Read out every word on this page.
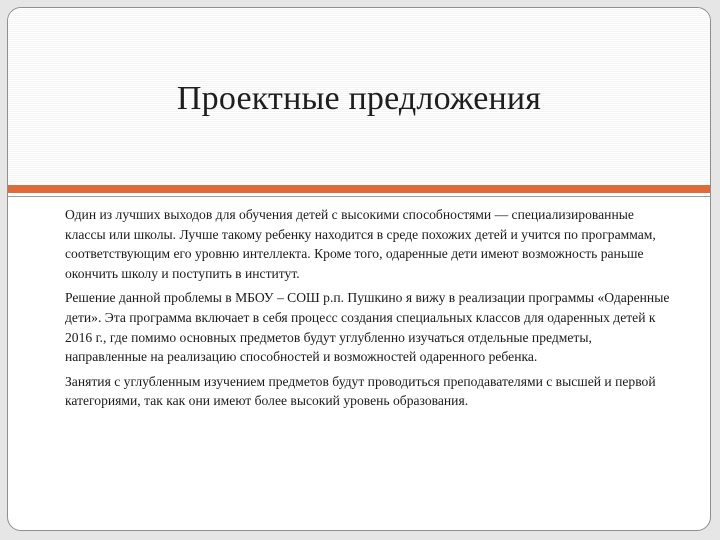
Проектные предложения

Один из лучших выходов для обучения детей с высокими способностями — специализированные классы или школы. Лучше такому ребенку находится в среде похожих детей и учится по программам, соответствующим его уровню интеллекта. Кроме того, одаренные дети имеют возможность раньше окончить школу и поступить в институт.

Решение данной проблемы в МБОУ – СОШ р.п. Пушкино я вижу в реализации программы «Одаренные дети». Эта программа включает в себя процесс создания специальных классов для одаренных детей к 2016 г., где помимо основных предметов будут углубленно изучаться отдельные предметы, направленные на реализацию способностей и возможностей одаренного ребенка.

Занятия с углубленным изучением предметов будут проводиться преподавателями с высшей и первой категориями, так как они имеют более высокий уровень образования.
